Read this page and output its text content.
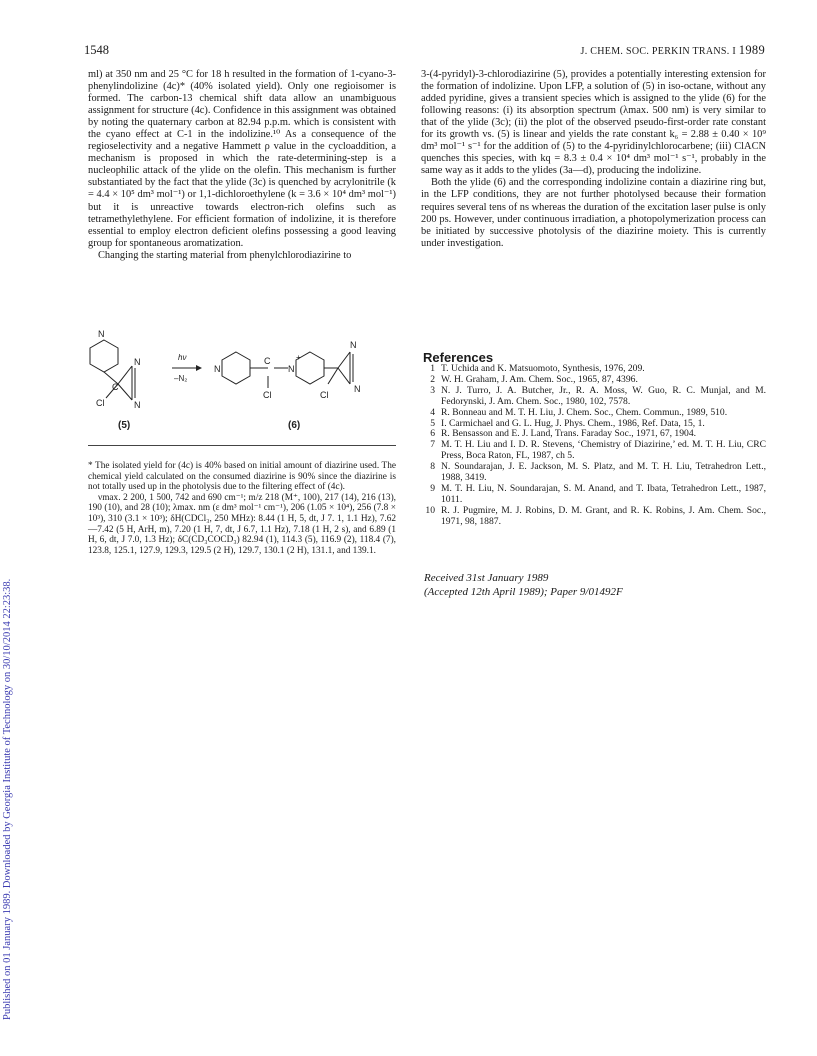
1548	J. CHEM. SOC. PERKIN TRANS. I 1989
Published on 01 January 1989. Downloaded by Georgia Institute of Technology on 30/10/2014 22:23:38.

ml) at 350 nm and 25 °C for 18 h resulted in the formation of 1-cyano-3-phenylindolizine (4c)* (40% isolated yield). Only one regioisomer is formed. The carbon-13 chemical shift data allow an unambiguous assignment for structure (4c). Confidence in this assignment was obtained by noting the quaternary carbon at 82.94 p.p.m. which is consistent with the cyano effect at C-1 in the indolizine.¹⁰ As a consequence of the regioselectivity and a negative Hammett ρ value in the cycloaddition, a mechanism is proposed in which the rate-determining-step is a nucleophilic attack of the ylide on the olefin. This mechanism is further substantiated by the fact that the ylide (3c) is quenched by acrylonitrile (k = 4.4 × 10⁵ dm³ mol⁻¹) or 1,1-dichloroethylene (k = 3.6 × 10⁴ dm³ mol⁻¹) but it is unreactive towards electron-rich olefins such as tetramethylethylene. For efficient formation of indolizine, it is therefore essential to employ electron deficient olefins possessing a good leaving group for spontaneous aromatization.

Changing the starting material from phenylchlorodiazirine to

N
N
N
C
Cl
(5)
hν
–N₂
N
C
Cl
N
+
N
N
Cl
(6)

* The isolated yield for (4c) is 40% based on initial amount of diazirine used. The chemical yield calculated on the consumed diazirine is 90% since the diazirine is not totally used up in the photolysis due to the filtering effect of (4c).

νmax. 2 200, 1 500, 742 and 690 cm⁻¹; m/z 218 (M⁺, 100), 217 (14), 216 (13), 190 (10), and 28 (10); λmax. nm (ε dm³ mol⁻¹ cm⁻¹), 206 (1.05 × 10⁴), 256 (7.8 × 10³), 310 (3.1 × 10³); δH(CDCl₃, 250 MHz): 8.44 (1 H, 5, dt, J 7. 1, 1.1 Hz), 7.62—7.42 (5 H, ArH, m), 7.20 (1 H, 7, dt, J 6.7, 1.1 Hz), 7.18 (1 H, 2 s), and 6.89 (1 H, 6, dt, J 7.0, 1.3 Hz); δC(CD₃COCD₃) 82.94 (1), 114.3 (5), 116.9 (2), 118.4 (7), 123.8, 125.1, 127.9, 129.3, 129.5 (2 H), 129.7, 130.1 (2 H), 131.1, and 139.1.

3-(4-pyridyl)-3-chlorodiazirine (5), provides a potentially interesting extension for the formation of indolizine. Upon LFP, a solution of (5) in iso-octane, without any added pyridine, gives a transient species which is assigned to the ylide (6) for the following reasons: (i) its absorption spectrum (λmax. 500 nm) is very similar to that of the ylide (3c); (ii) the plot of the observed pseudo-first-order rate constant for its growth vs. (5) is linear and yields the rate constant k₆ = 2.88 ± 0.40 × 10⁹ dm³ mol⁻¹ s⁻¹ for the addition of (5) to the 4-pyridinylchlorocarbene; (iii) ClACN quenches this species, with kq = 8.3 ± 0.4 × 10⁴ dm³ mol⁻¹ s⁻¹, probably in the same way as it adds to the ylides (3a—d), producing the indolizine.

Both the ylide (6) and the corresponding indolizine contain a diazirine ring but, in the LFP conditions, they are not further photolysed because their formation requires several tens of ns whereas the duration of the excitation laser pulse is only 200 ps. However, under continuous irradiation, a photopolymerization process can be initiated by successive photolysis of the diazirine moiety. This is currently under investigation.

References
1 T. Uchida and K. Matsuomoto, Synthesis, 1976, 209.
2 W. H. Graham, J. Am. Chem. Soc., 1965, 87, 4396.
3 N. J. Turro, J. A. Butcher, Jr., R. A. Moss, W. Guo, R. C. Munjal, and M. Fedorynski, J. Am. Chem. Soc., 1980, 102, 7578.
4 R. Bonneau and M. T. H. Liu, J. Chem. Soc., Chem. Commun., 1989, 510.
5 I. Carmichael and G. L. Hug, J. Phys. Chem., 1986, Ref. Data, 15, 1.
6 R. Bensasson and E. J. Land, Trans. Faraday Soc., 1971, 67, 1904.
7 M. T. H. Liu and I. D. R. Stevens, ‘Chemistry of Diazirine,’ ed. M. T. H. Liu, CRC Press, Boca Raton, FL, 1987, ch 5.
8 N. Soundarajan, J. E. Jackson, M. S. Platz, and M. T. H. Liu, Tetrahedron Lett., 1988, 3419.
9 M. T. H. Liu, N. Soundarajan, S. M. Anand, and T. Ibata, Tetrahedron Lett., 1987, 1011.
10 R. J. Pugmire, M. J. Robins, D. M. Grant, and R. K. Robins, J. Am. Chem. Soc., 1971, 98, 1887.
Received 31st January 1989
(Accepted 12th April 1989); Paper 9/01492F
